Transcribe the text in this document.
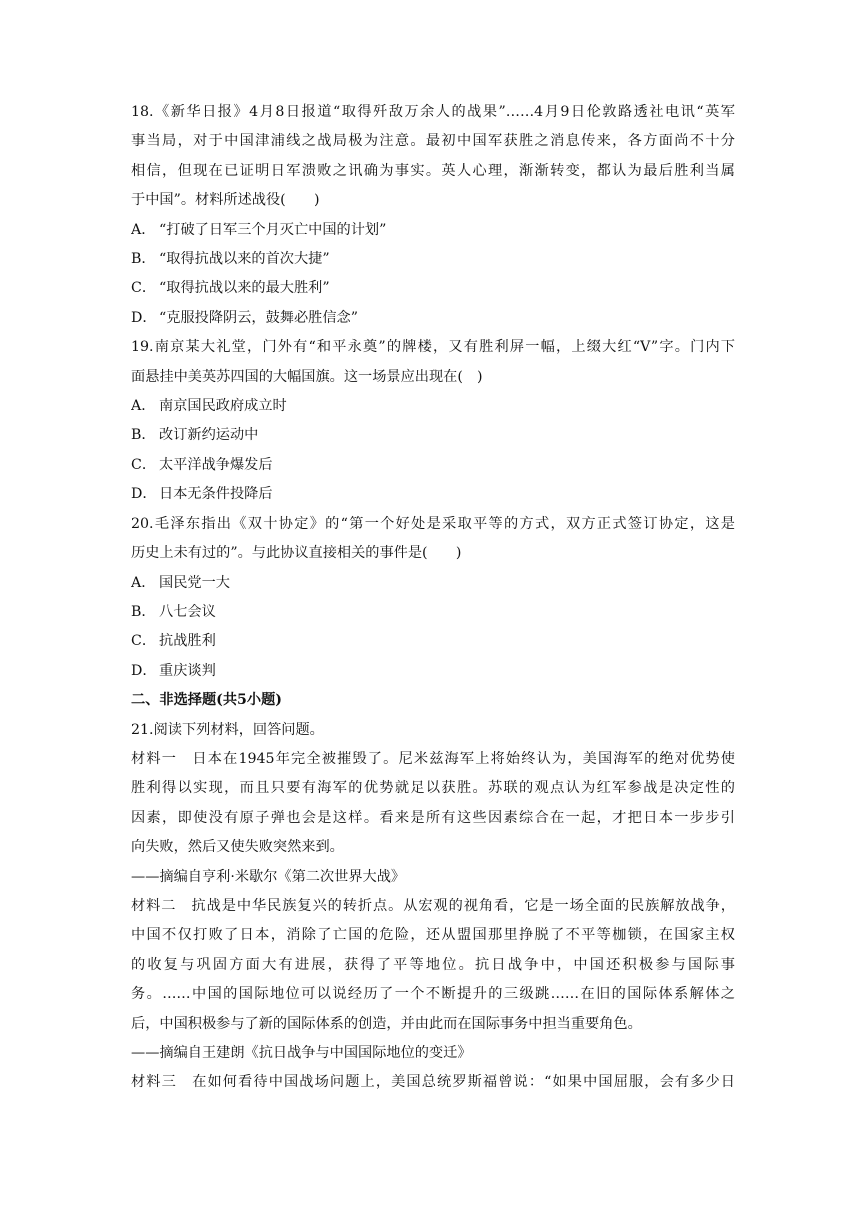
18.《新华日报》4月8日报道“取得歼敌万余人的战果”……4月9日伦敦路透社电讯“英军
事当局，对于中国津浦线之战局极为注意。最初中国军获胜之消息传来，各方面尚不十分
相信，但现在已证明日军溃败之讯确为事实。英人心理，渐渐转变，都认为最后胜利当属
于中国”。材料所述战役(　　)
A． “打破了日军三个月灭亡中国的计划”
B． “取得抗战以来的首次大捷”
C． “取得抗战以来的最大胜利”
D． “克服投降阴云，鼓舞必胜信念”
19.南京某大礼堂，门外有“和平永奠”的牌楼，又有胜利屏一幅，上缀大红“V”字。门内下
面悬挂中美英苏四国的大幅国旗。这一场景应出现在(　)
A． 南京国民政府成立时
B． 改订新约运动中
C． 太平洋战争爆发后
D． 日本无条件投降后
20.毛泽东指出《双十协定》的“第一个好处是采取平等的方式，双方正式签订协定，这是
历史上未有过的”。与此协议直接相关的事件是(　　)
A． 国民党一大
B． 八七会议
C． 抗战胜利
D． 重庆谈判
二、非选择题(共5小题)
21.阅读下列材料，回答问题。
材料一　日本在1945年完全被摧毁了。尼米兹海军上将始终认为，美国海军的绝对优势使
胜利得以实现，而且只要有海军的优势就足以获胜。苏联的观点认为红军参战是决定性的
因素，即使没有原子弹也会是这样。看来是所有这些因素综合在一起，才把日本一步步引
向失败，然后又使失败突然来到。
——摘编自亨利·米歇尔《第二次世界大战》
材料二　抗战是中华民族复兴的转折点。从宏观的视角看，它是一场全面的民族解放战争，
中国不仅打败了日本，消除了亡国的危险，还从盟国那里挣脱了不平等枷锁，在国家主权
的收复与巩固方面大有进展，获得了平等地位。抗日战争中，中国还积极参与国际事
务。……中国的国际地位可以说经历了一个不断提升的三级跳……在旧的国际体系解体之
后，中国积极参与了新的国际体系的创造，并由此而在国际事务中担当重要角色。
——摘编自王建朗《抗日战争与中国国际地位的变迁》
材料三　在如何看待中国战场问题上，美国总统罗斯福曾说：“如果中国屈服，会有多少日
